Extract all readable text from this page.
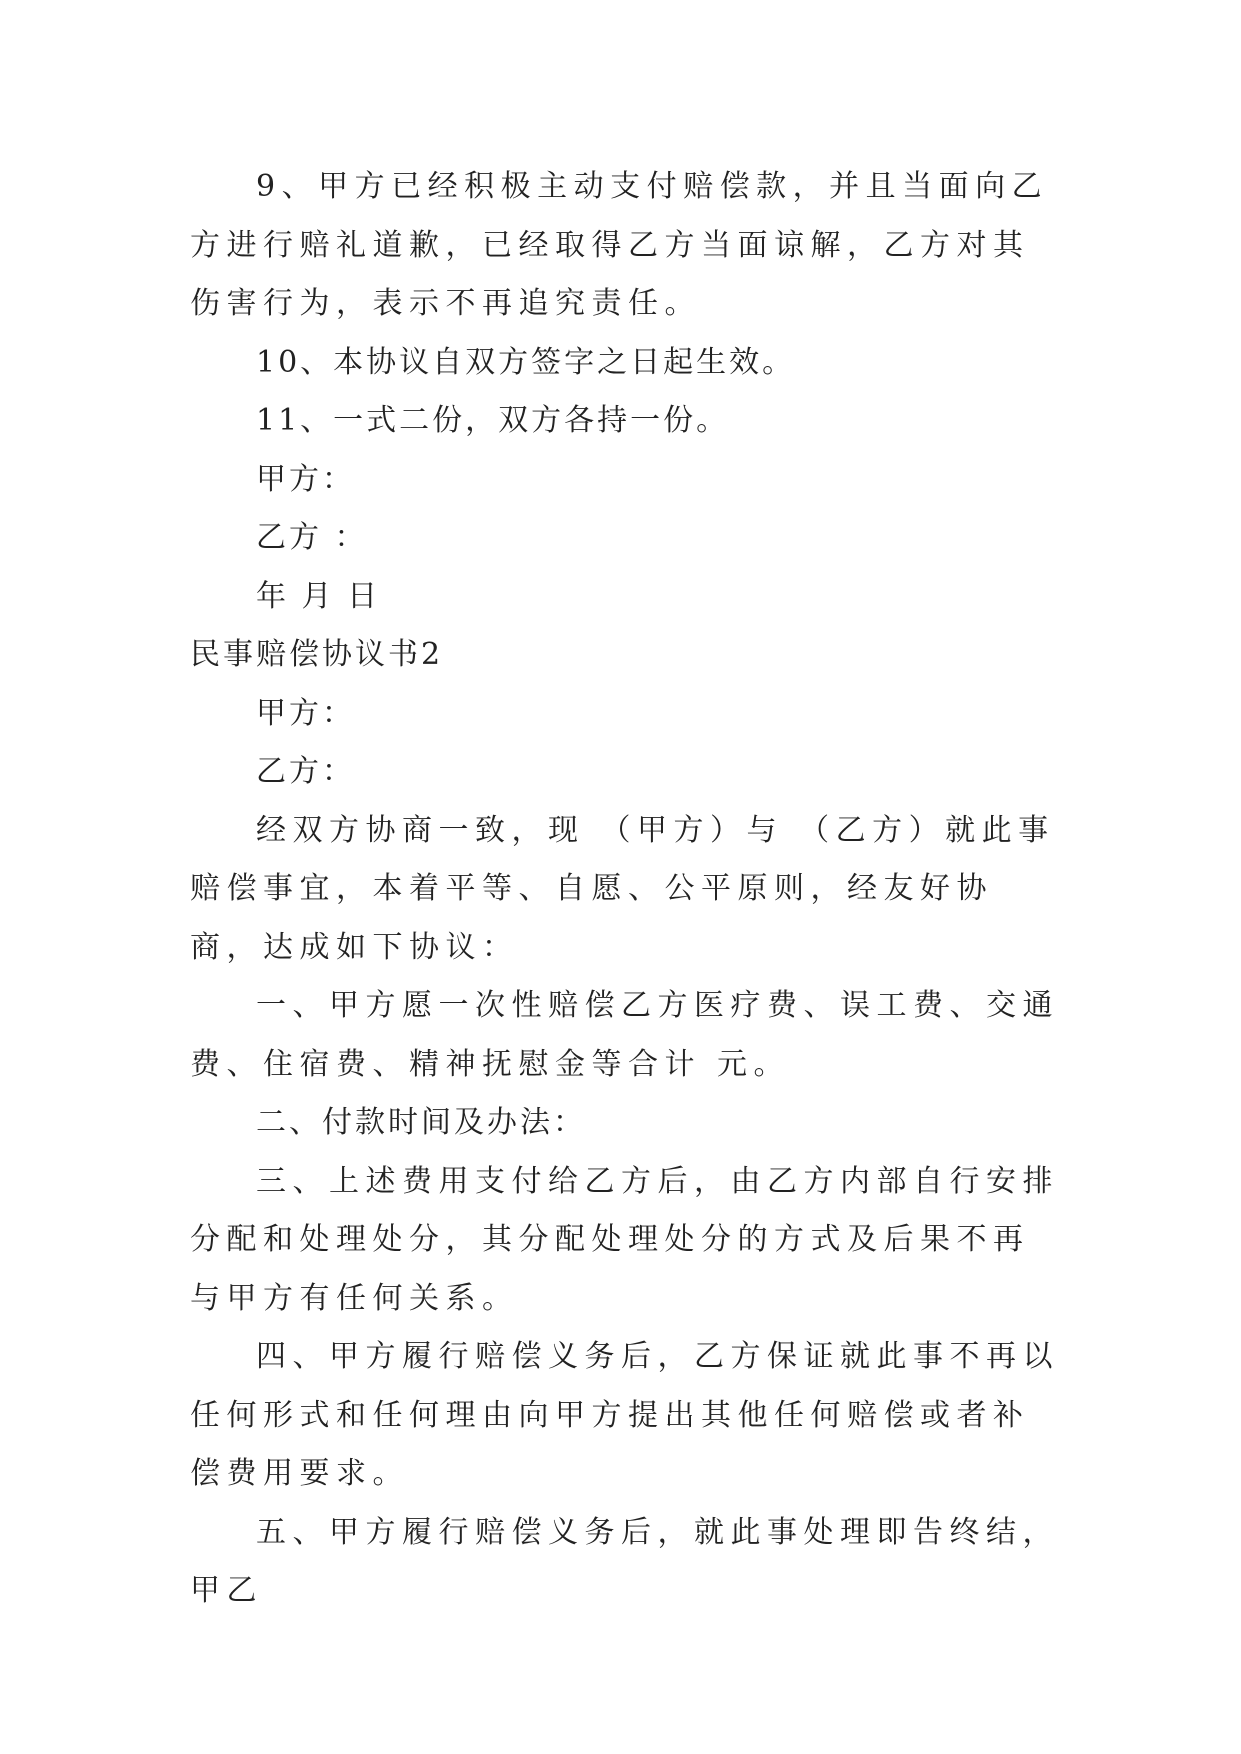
9、甲方已经积极主动支付赔偿款，并且当面向乙方进行赔礼道歉，已经取得乙方当面谅解，乙方对其伤害行为，表示不再追究责任。

10、本协议自双方签字之日起生效。

11、一式二份，双方各持一份。

甲方：

乙方 ：

年 月 日

民事赔偿协议书2

甲方：

乙方：

经双方协商一致，现 （甲方）与 （乙方）就此事赔偿事宜，本着平等、自愿、公平原则，经友好协商，达成如下协议：

一、甲方愿一次性赔偿乙方医疗费、误工费、交通费、住宿费、精神抚慰金等合计 元。

二、付款时间及办法：

三、上述费用支付给乙方后，由乙方内部自行安排分配和处理处分，其分配处理处分的方式及后果不再与甲方有任何关系。

四、甲方履行赔偿义务后，乙方保证就此事不再以任何形式和任何理由向甲方提出其他任何赔偿或者补偿费用要求。

五、甲方履行赔偿义务后，就此事处理即告终结，甲乙
